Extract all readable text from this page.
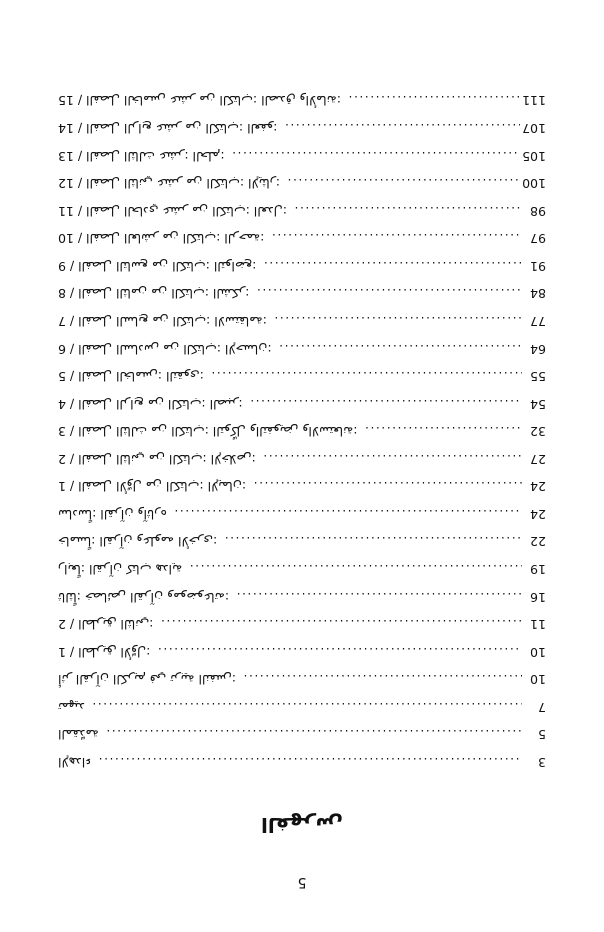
5
الفهرس
الإهداء .....	3
المقدّمة .....	5
تمهيد .....	7
أثر القرآن الكريم في تربية النفس: .....	10
1 / الطريق الأوّل: .....	10
2 / الطريق الثاني: .....	11
ثالثاً: خصائص القرآن وموضوعاته: .....	16
رابعاً: القرآن كتاب هداية .....	19
خامساً: القرآن وعلومه الأخرى: .....	22
سادساً: القرآن وآثاره .....	24
1 / الفصل الأوّل من الكتاب: الإيمان: .....	24
2 / الفصل الثاني من الكتاب: الإخلاص: .....	27
3 / الفصل الثالث من الكتاب: التوكّل والتفويض والاستعانة: .....	32
4 / الفصل الرابع من الكتاب: الصبر: .....	54
5 / الفصل الخامس: التقوى: .....	55
6 / الفصل السادس من الكتاب: الإحسان: .....	64
7 / الفصل السابع من الكتاب: الاستقامة: .....	77
8 / الفصل الثامن من الكتاب: الشكر: .....	84
9 / الفصل التاسع من الكتاب: التواضع: .....	91
10 / الفصل العاشر من الكتاب: الرحمة: .....	97
11 / الفصل الحادي عشر من الكتاب: العدل: .....	98
12 / الفصل الثاني عشر من الكتاب: الإيثار: .....	100
13 / الفصل الثالث عشر: الحلم: .....	105
14 / الفصل الرابع عشر من الكتاب: العفو: .....	107
15 / الفصل الخامس عشر من الكتاب: الصدق والأمانة: .....	111
